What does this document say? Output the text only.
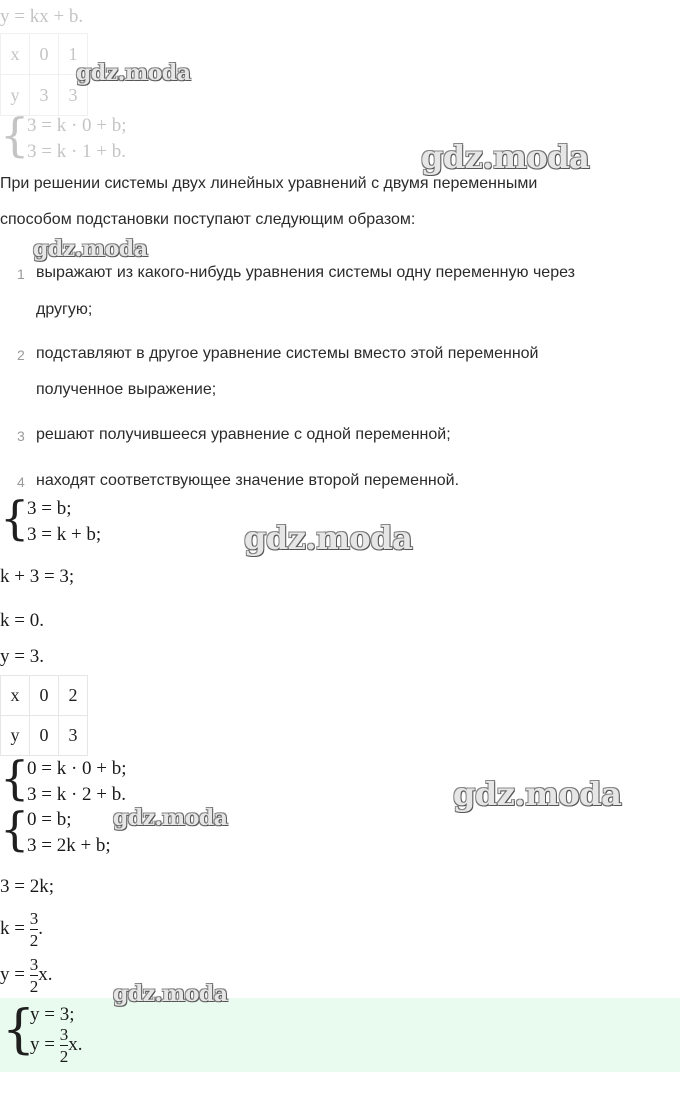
y = kx + b.
x	0	1
y	3	3
{
3 = k · 0 + b;
3 = k · 1 + b.
При решении системы двух линейных уравнений с двумя переменными
способом подстановки поступают следующим образом:
1 выражают из какого-нибудь уравнения системы одну переменную через
другую;
2 подставляют в другое уравнение системы вместо этой переменной
полученное выражение;
3 решают получившееся уравнение с одной переменной;
4 находят соответствующее значение второй переменной.
{
3 = b;
3 = k + b;
k + 3 = 3;
k = 0.
y = 3.
x	0	2
y	0	3
{
0 = k · 0 + b;
3 = k · 2 + b.
{
0 = b;
3 = 2k + b;
3 = 2k;
$k = \frac{3}{2}$ .
$y = \frac{3}{2} x$.
{
y = 3;
$y = \frac{3}{2} x$.
gdz.moda
gdz.moda
gdz.moda
gdz.moda
gdz.moda
gdz.moda
gdz.moda
